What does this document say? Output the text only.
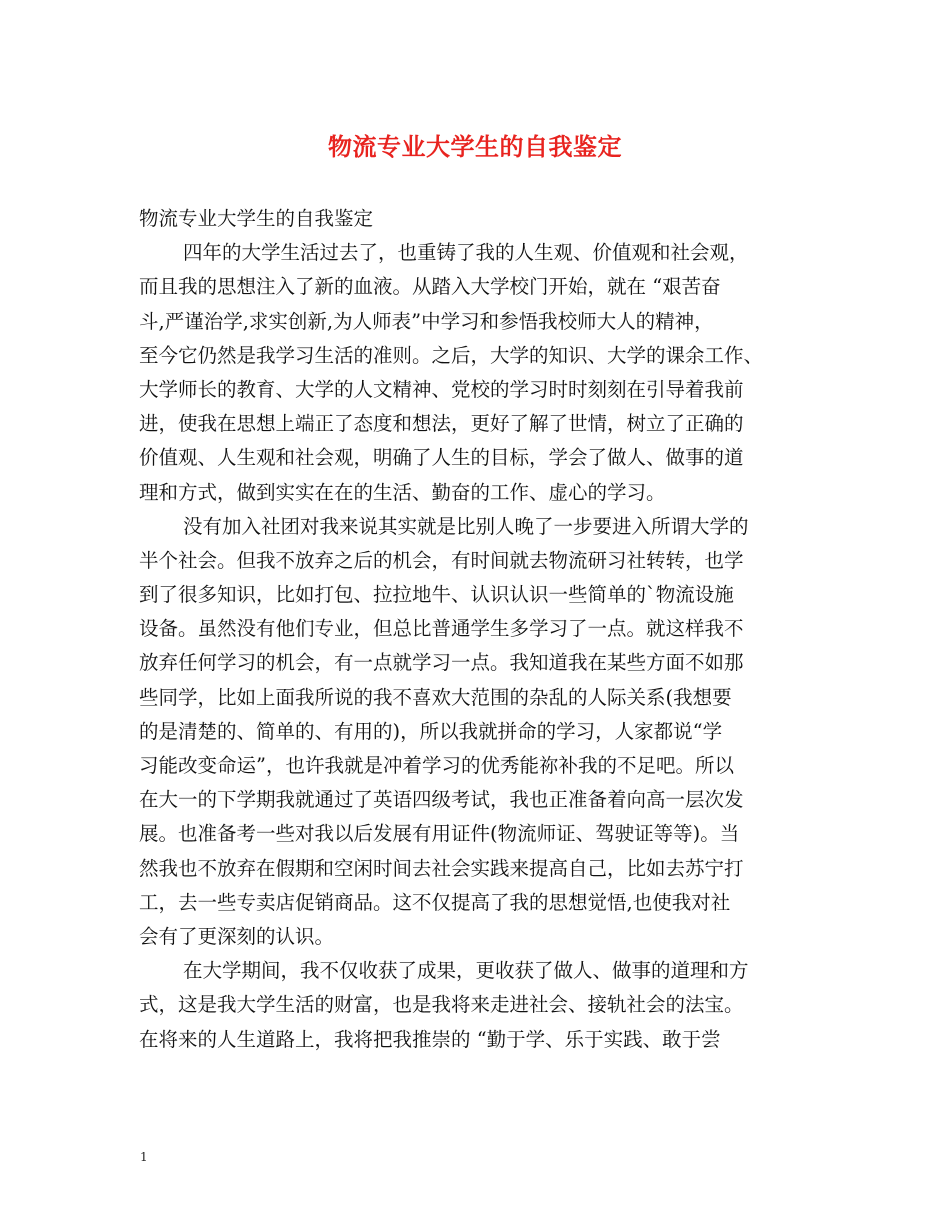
物流专业大学生的自我鉴定
物流专业大学生的自我鉴定
四年的大学生活过去了，也重铸了我的人生观、价值观和社会观，
而且我的思想注入了新的血液。从踏入大学校门开始，就在 “艰苦奋
斗,严谨治学,求实创新,为人师表”中学习和参悟我校师大人的精神，
至今它仍然是我学习生活的准则。之后，大学的知识、大学的课余工作、
大学师长的教育、大学的人文精神、党校的学习时时刻刻在引导着我前
进，使我在思想上端正了态度和想法，更好了解了世情，树立了正确的
价值观、人生观和社会观，明确了人生的目标，学会了做人、做事的道
理和方式，做到实实在在的生活、勤奋的工作、虚心的学习。
没有加入社团对我来说其实就是比别人晚了一步要进入所谓大学的
半个社会。但我不放弃之后的机会，有时间就去物流研习社转转，也学
到了很多知识，比如打包、拉拉地牛、认识认识一些简单的`物流设施
设备。虽然没有他们专业，但总比普通学生多学习了一点。就这样我不
放弃任何学习的机会，有一点就学习一点。我知道我在某些方面不如那
些同学，比如上面我所说的我不喜欢大范围的杂乱的人际关系(我想要
的是清楚的、简单的、有用的)，所以我就拼命的学习，人家都说“学
习能改变命运”，也许我就是冲着学习的优秀能祢补我的不足吧。所以
在大一的下学期我就通过了英语四级考试，我也正准备着向高一层次发
展。也准备考一些对我以后发展有用证件(物流师证、驾驶证等等)。当
然我也不放弃在假期和空闲时间去社会实践来提高自己，比如去苏宁打
工，去一些专卖店促销商品。这不仅提高了我的思想觉悟,也使我对社
会有了更深刻的认识。
在大学期间，我不仅收获了成果，更收获了做人、做事的道理和方
式，这是我大学生活的财富，也是我将来走进社会、接轨社会的法宝。
在将来的人生道路上，我将把我推崇的 “勤于学、乐于实践、敢于尝
1
